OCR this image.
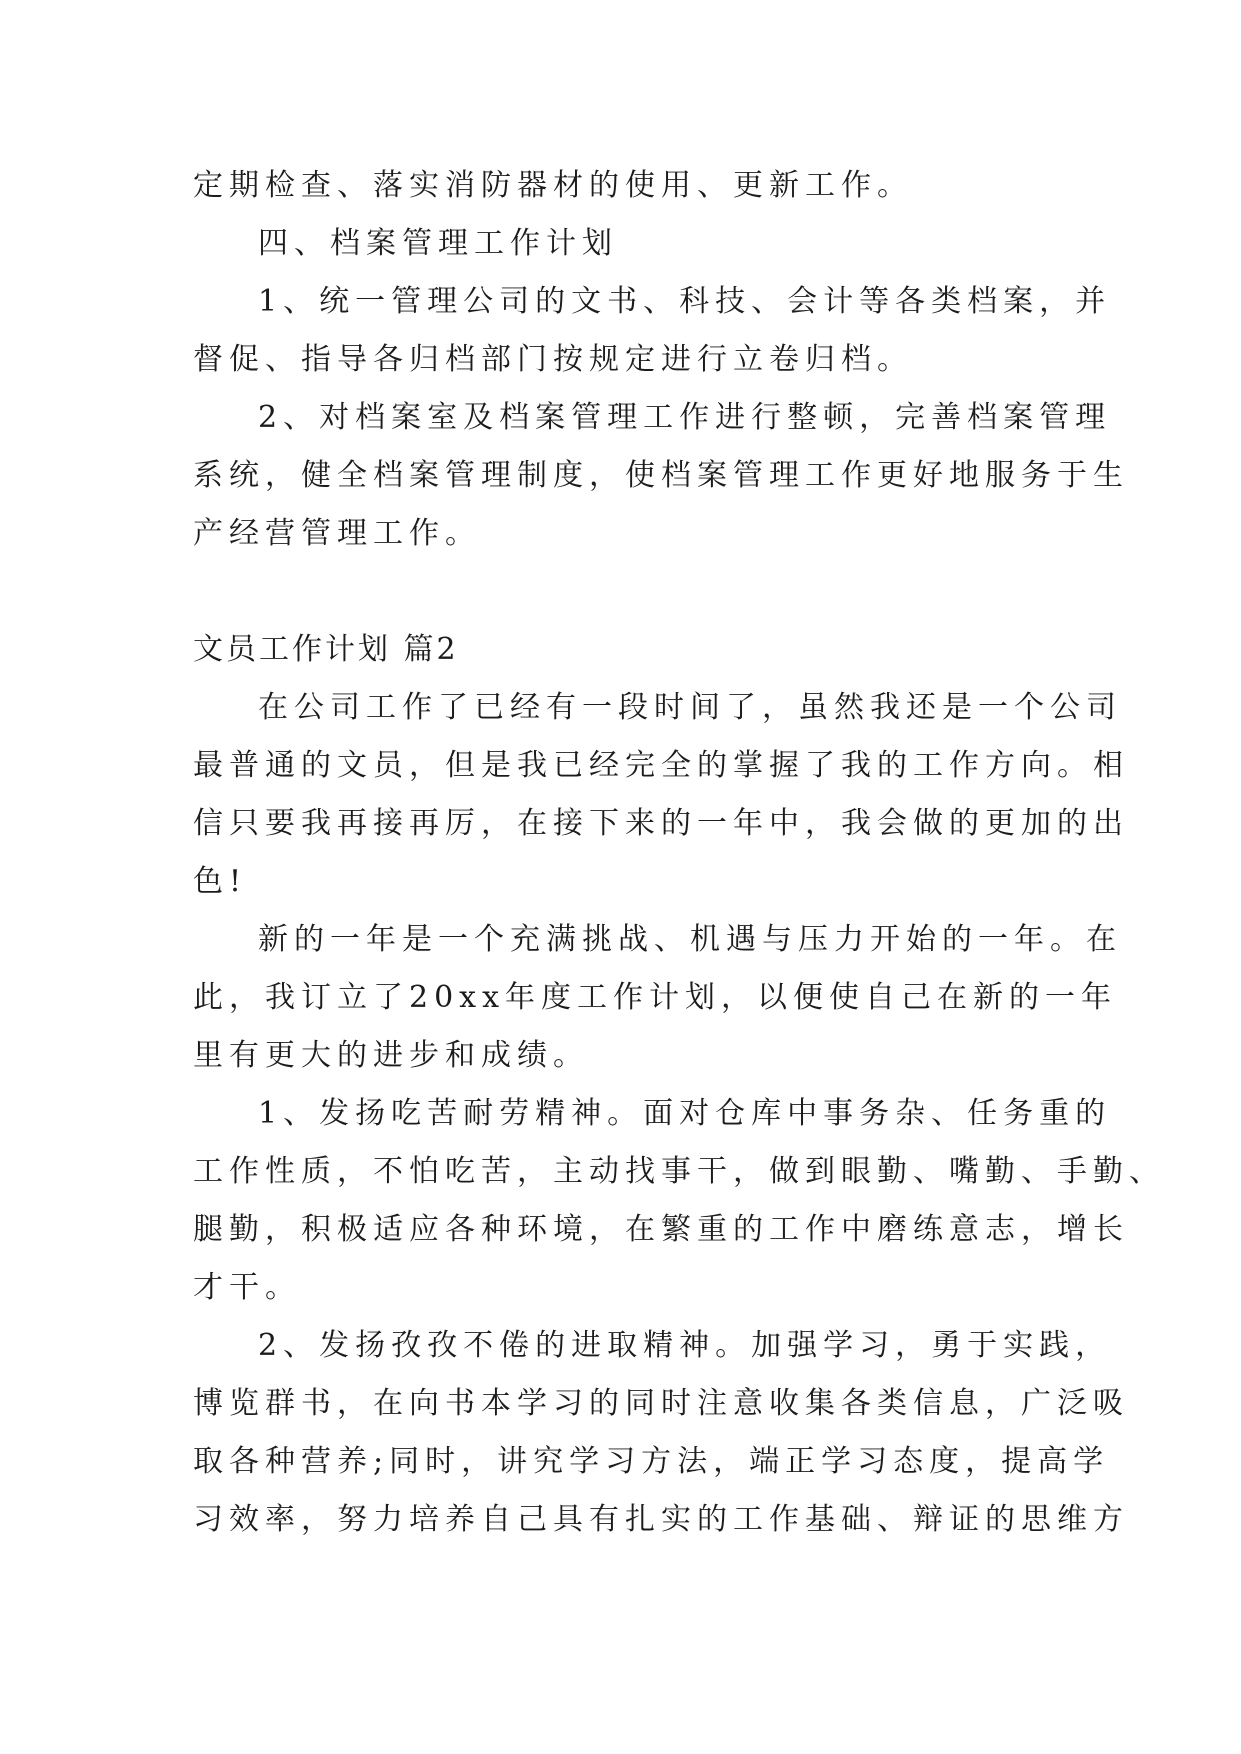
定期检查、落实消防器材的使用、更新工作。
四、档案管理工作计划
1、统一管理公司的文书、科技、会计等各类档案，并
督促、指导各归档部门按规定进行立卷归档。
2、对档案室及档案管理工作进行整顿，完善档案管理
系统，健全档案管理制度，使档案管理工作更好地服务于生
产经营管理工作。
文员工作计划 篇2
在公司工作了已经有一段时间了，虽然我还是一个公司
最普通的文员，但是我已经完全的掌握了我的工作方向。相
信只要我再接再厉，在接下来的一年中，我会做的更加的出
色!
新的一年是一个充满挑战、机遇与压力开始的一年。在
此，我订立了20xx年度工作计划，以便使自己在新的一年
里有更大的进步和成绩。
1、发扬吃苦耐劳精神。面对仓库中事务杂、任务重的
工作性质，不怕吃苦，主动找事干，做到眼勤、嘴勤、手勤、
腿勤，积极适应各种环境，在繁重的工作中磨练意志，增长
才干。
2、发扬孜孜不倦的进取精神。加强学习，勇于实践，
博览群书，在向书本学习的同时注意收集各类信息，广泛吸
取各种营养;同时，讲究学习方法，端正学习态度，提高学
习效率，努力培养自己具有扎实的工作基础、辩证的思维方
